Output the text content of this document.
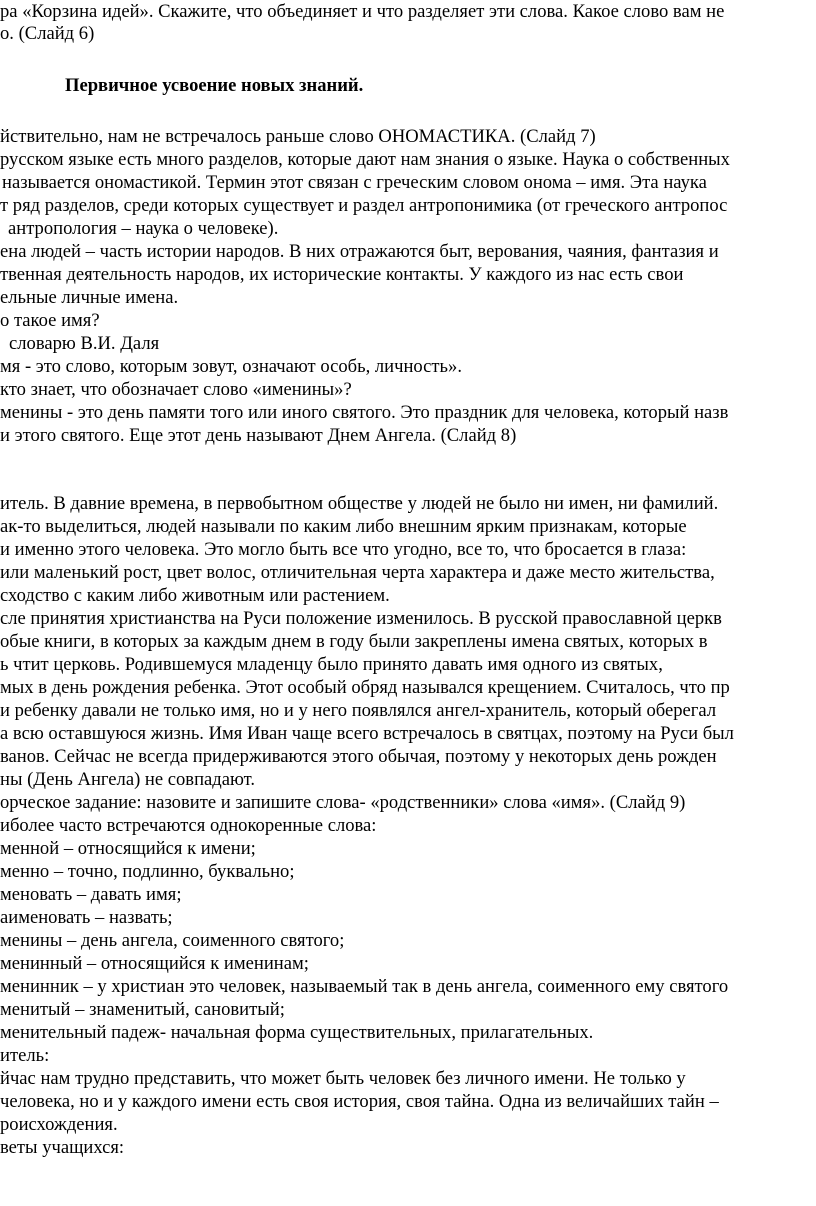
ра «Корзина идей». Скажите, что объединяет и что разделяет эти слова. Какое слово вам не
о. (Слайд 6)
Первичное усвоение новых знаний.
йствительно, нам не встречалось раньше слово ОНОМАСТИКА. (Слайд 7)
русском языке есть много разделов, которые дают нам знания о языке. Наука о собственных
называется ономастикой. Термин этот связан с греческим словом онома – имя. Эта наука
т ряд разделов, среди которых существует и раздел антропонимика (от греческого антропос
антропология – наука о человеке).
ена людей – часть истории народов. В них отражаются быт, верования, чаяния, фантазия и
твенная деятельность народов, их исторические контакты. У каждого из нас есть свои
ельные личные имена.
о такое имя?
словарю В.И. Даля
мя - это слово, которым зовут, означают особь, личность».
кто знает, что обозначает слово «именины»?
менины - это день памяти того или иного святого. Это праздник для человека, который назв
и этого святого. Еще этот день называют Днем Ангела. (Слайд 8)
итель. В давние времена, в первобытном обществе у людей не было ни имен, ни фамилий.
ак-то выделиться, людей называли по каким либо внешним ярким признакам, которые
и именно этого человека. Это могло быть все что угодно, все то, что бросается в глаза:
или маленький рост, цвет волос, отличительная черта характера и даже место жительства,
сходство с каким либо животным или растением.
сле принятия христианства на Руси положение изменилось. В русской православной церкв
обые книги, в которых за каждым днем в году были закреплены имена святых, которых в
ь чтит церковь. Родившемуся младенцу было принято давать имя одного из святых,
мых в день рождения ребенка. Этот особый обряд назывался крещением. Считалось, что пр
и ребенку давали не только имя, но и у него появлялся ангел-хранитель, который оберегал
а всю оставшуюся жизнь. Имя Иван чаще всего встречалось в святцах, поэтому на Руси был
ванов. Сейчас не всегда придерживаются этого обычая, поэтому у некоторых день рожден
ны (День Ангела) не совпадают.
орческое задание: назовите и запишите слова- «родственники» слова «имя». (Слайд 9)
иболее часто встречаются однокоренные слова:
менной – относящийся к имени;
менно – точно, подлинно, буквально;
меновать – давать имя;
аименовать – назвать;
менины – день ангела, соименного святого;
менинный – относящийся к именинам;
менинник – у христиан это человек, называемый так в день ангела, соименного ему святого
менитый – знаменитый, сановитый;
менительный падеж- начальная форма существительных, прилагательных.
итель:
йчас нам трудно представить, что может быть человек без личного имени. Не только у
человека, но и у каждого имени есть своя история, своя тайна. Одна из величайших тайн –
роисхождения.
веты учащихся:
